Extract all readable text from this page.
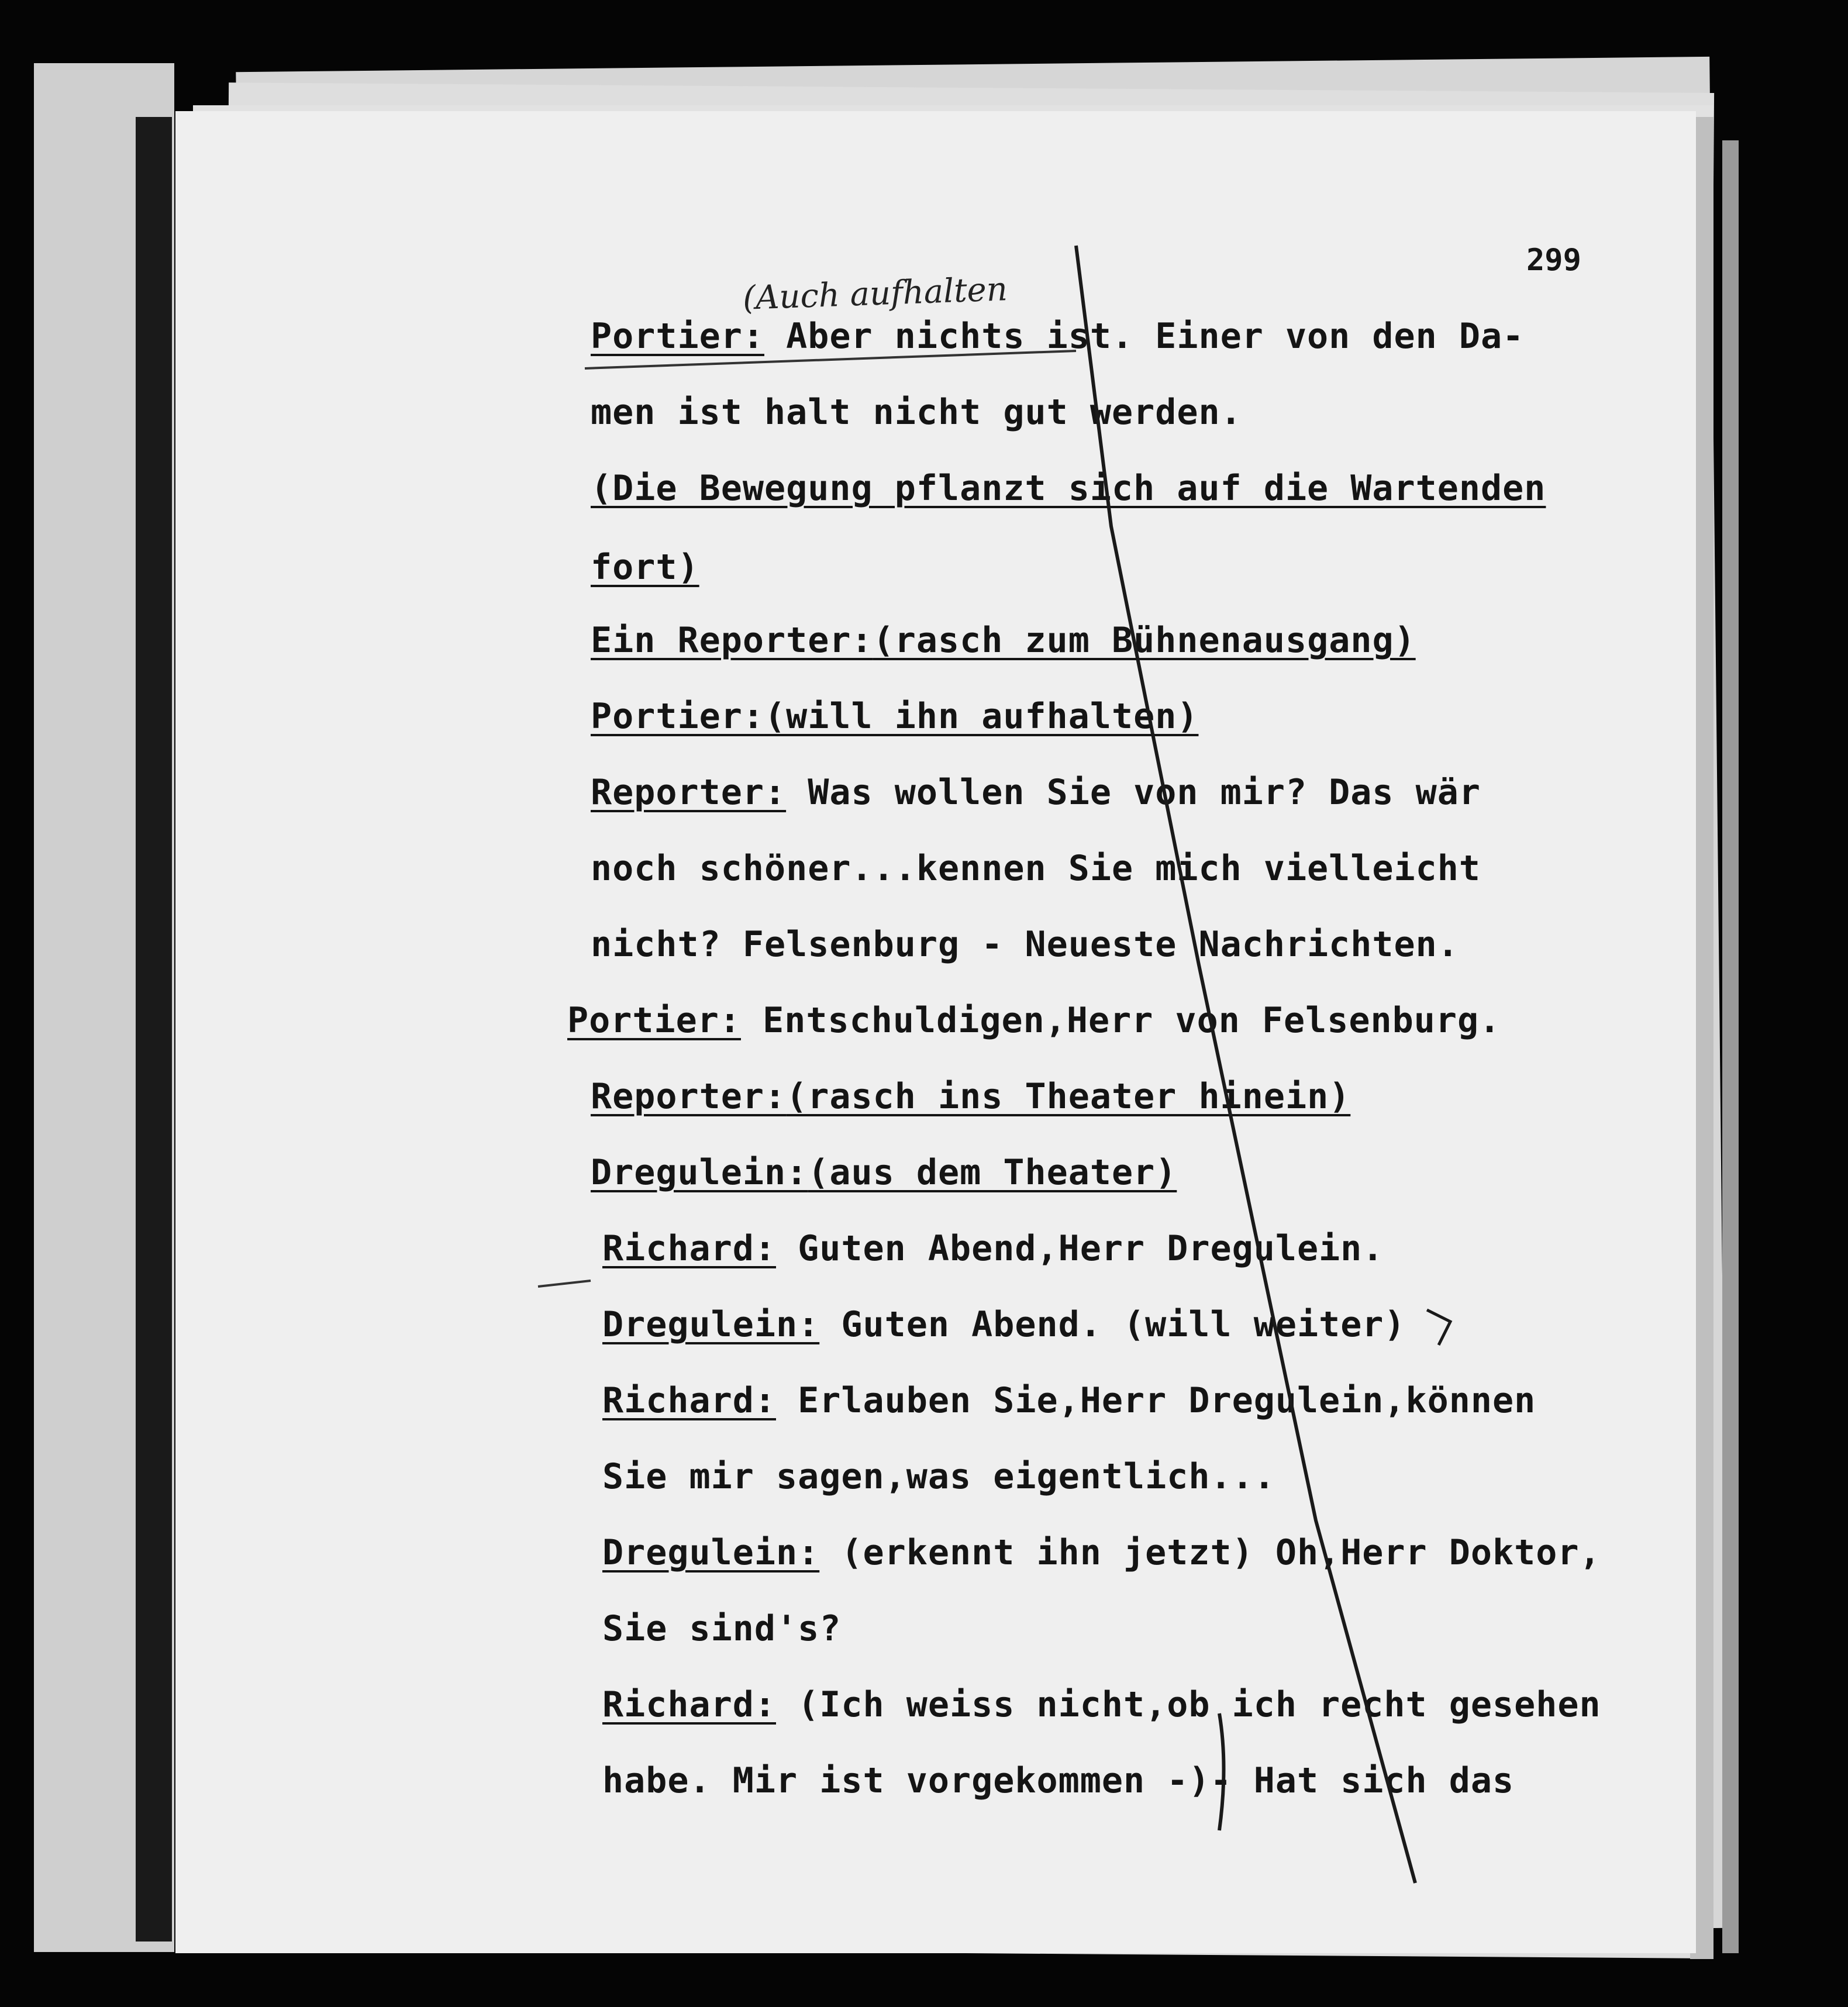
299
(Auch aufhalten
Portier: Aber nichts ist. Einer von den Da-
men ist halt nicht gut werden.
(Die Bewegung pflanzt sich auf die Wartenden
fort)
Ein Reporter:(rasch zum Bühnenausgang)
Portier:(will ihn aufhalten)
Reporter: Was wollen Sie von mir? Das wär
noch schöner...kennen Sie mich vielleicht
nicht? Felsenburg - Neueste Nachrichten.
Portier: Entschuldigen,Herr von Felsenburg.
Reporter:(rasch ins Theater hinein)
Dregulein:(aus dem Theater)
Richard: Guten Abend,Herr Dregulein.
Dregulein: Guten Abend. (will weiter)
Richard: Erlauben Sie,Herr Dregulein,können
Sie mir sagen,was eigentlich...
Dregulein: (erkennt ihn jetzt) Oh,Herr Doktor,
Sie sind's?
Richard: (Ich weiss nicht,ob ich recht gesehen
habe. Mir ist vorgekommen -)- Hat sich das
